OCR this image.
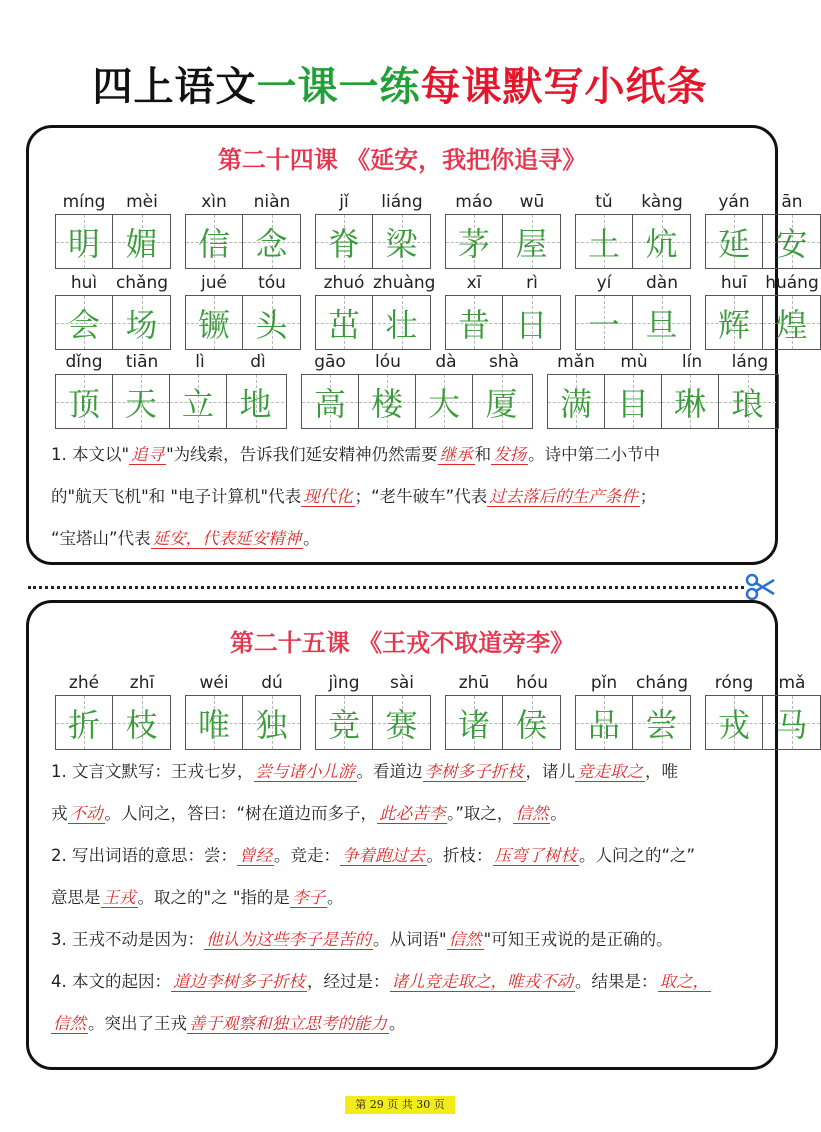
四上语文一课一练每课默写小纸条
第二十四课 《延安，我把你追寻》
míng	mèi
明 媚
xìn	niàn
信 念
jǐ	liáng
脊 梁
máo	wū
茅 屋
tǔ	kàng
土 炕
yán	ān
延 安
huì	chǎng
会 场
jué	tóu
镢 头
zhuó zhuàng
茁 壮
xī	rì
昔 日
yí	dàn
一 旦
huī	huáng
辉 煌
dǐng	tiān	lì	dì
顶 天 立 地
gāo	lóu	dà	shà
高 楼 大 厦
mǎn	mù	lín	láng
满 目 琳 琅

1. 本文以" 追寻 "为线索，告诉我们延安精神仍然需要 继承 和 发扬 。诗中第二小节中

的"航天飞机"和 "电子计算机"代表 现代化 ；“老牛破车”代表 过去落后的生产条件 ；

“宝塔山”代表 延安，代表延安精神 。

第二十五课 《王戎不取道旁李》
zhé	zhī
折 枝
wéi	dú
唯 独
jìng	sài
竞 赛
zhū	hóu
诸 侯
pǐn	cháng
品 尝
róng	mǎ
戎 马

1. 文言文默写：王戎七岁， 尝与诸小儿游 。看道边 李树多子折枝 ，诸儿 竞走取之 ，唯

戎 不动 。人问之，答曰：“树在道边而多子， 此必苦李 。”取之， 信然 。

2. 写出词语的意思：尝： 曾经 。竞走： 争着跑过去 。折枝： 压弯了树枝 。人问之的“之”

意思是 王戎 。取之的"之 "指的是 李子 。

3. 王戎不动是因为： 他认为这些李子是苦的 。从词语" 信然 "可知王戎说的是正确的。

4. 本文的起因： 道边李树多子折枝 ，经过是： 诸儿竞走取之，唯戎不动 。结果是： 取之，

信然 。突出了王戎 善于观察和独立思考的能力 。

第 29 页 共 30 页
